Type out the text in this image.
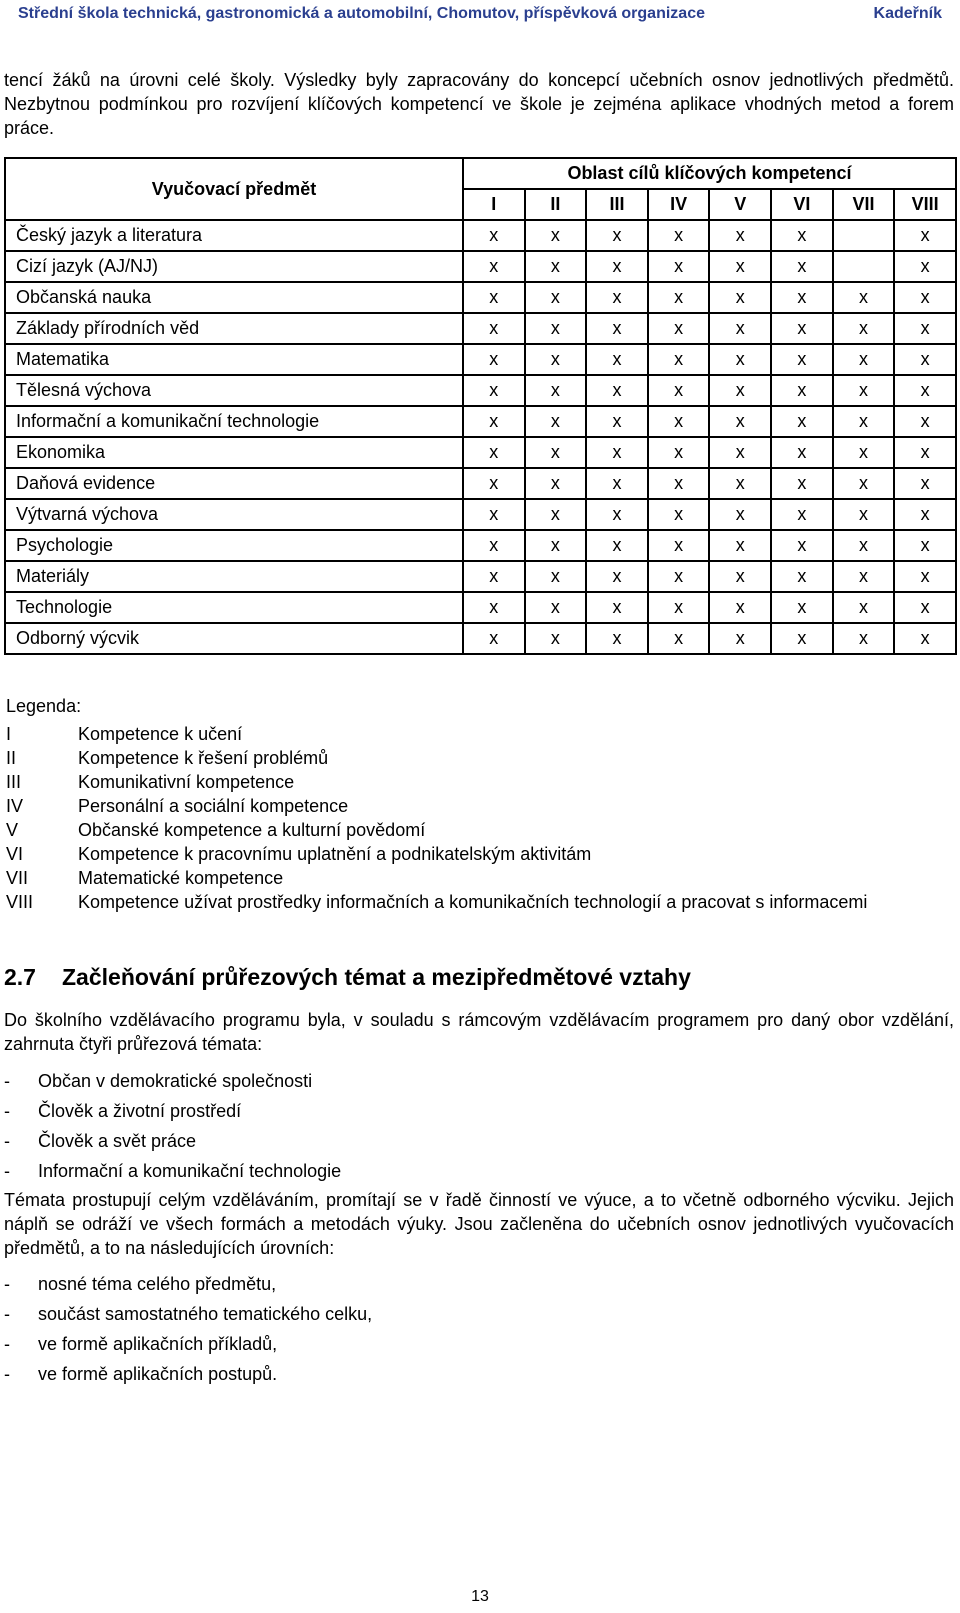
Střední škola technická, gastronomická a automobilní, Chomutov, příspěvková organizace	Kadeřník

tencí žáků na úrovni celé školy. Výsledky byly zapracovány do koncepcí učebních osnov jednotlivých předmětů. Nezbytnou podmínkou pro rozvíjení klíčových kompetencí ve škole je zejména aplikace vhodných metod a forem práce.

Vyučovací předmět	Oblast cílů klíčových kompetencí							
	I	II	III	IV	V	VI	VII	VIII
Český jazyk a literatura	x	x	x	x	x	x		x
Cizí jazyk (AJ/NJ)	x	x	x	x	x	x		x
Občanská nauka	x	x	x	x	x	x	x	x
Základy přírodních věd	x	x	x	x	x	x	x	x
Matematika	x	x	x	x	x	x	x	x
Tělesná výchova	x	x	x	x	x	x	x	x
Informační a komunikační technologie	x	x	x	x	x	x	x	x
Ekonomika	x	x	x	x	x	x	x	x
Daňová evidence	x	x	x	x	x	x	x	x
Výtvarná výchova	x	x	x	x	x	x	x	x
Psychologie	x	x	x	x	x	x	x	x
Materiály	x	x	x	x	x	x	x	x
Technologie	x	x	x	x	x	x	x	x
Odborný výcvik	x	x	x	x	x	x	x	x
Legenda:
I	Kompetence k učení
II	Kompetence k řešení problémů
III	Komunikativní kompetence
IV	Personální a sociální kompetence
V	Občanské kompetence a kulturní povědomí
VI	Kompetence k pracovnímu uplatnění a podnikatelským aktivitám
VII	Matematické kompetence
VIII	Kompetence užívat prostředky informačních a komunikačních technologií a pracovat s informacemi
2.7 Začleňování průřezových témat a mezipředmětové vztahy

Do školního vzdělávacího programu byla, v souladu s rámcovým vzdělávacím programem pro daný obor vzdělání, zahrnuta čtyři průřezová témata:

-	Občan v demokratické společnosti
-	Člověk a životní prostředí
-	Člověk a svět práce
-	Informační a komunikační technologie

Témata prostupují celým vzděláváním, promítají se v řadě činností ve výuce, a to včetně odborného výcviku. Jejich náplň se odráží ve všech formách a metodách výuky. Jsou začleněna do učebních osnov jednotlivých vyučovacích předmětů, a to na následujících úrovních:

-	nosné téma celého předmětu,
-	součást samostatného tematického celku,
-	ve formě aplikačních příkladů,
-	ve formě aplikačních postupů.
13
